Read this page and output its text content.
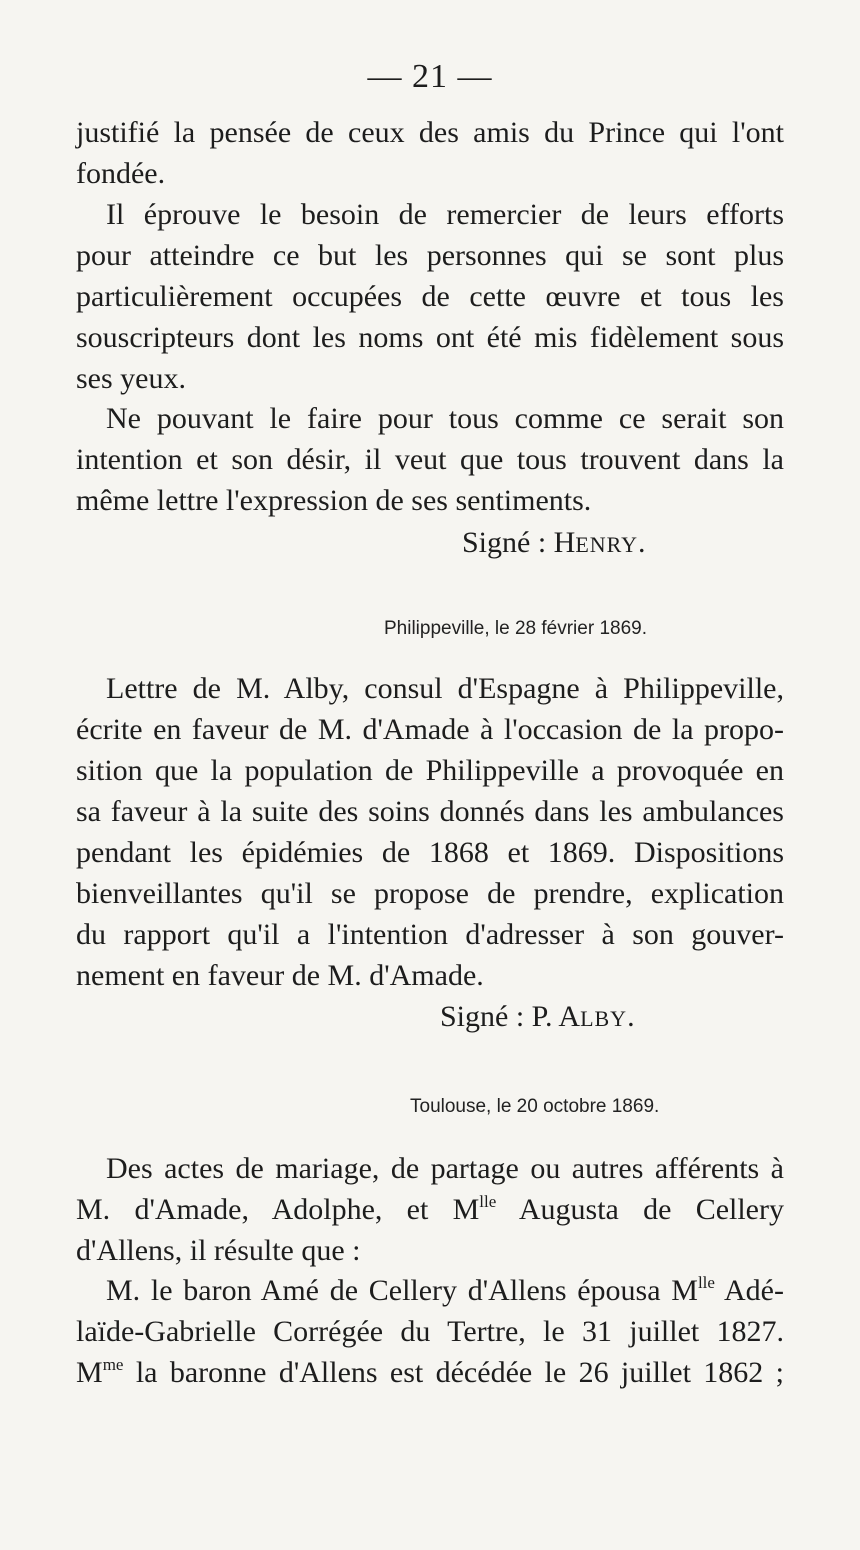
— 21 —
justifié la pensée de ceux des amis du Prince qui l'ont
fondée.
Il éprouve le besoin de remercier de leurs efforts
pour atteindre ce but les personnes qui se sont plus
particulièrement occupées de cette œuvre et tous les
souscripteurs dont les noms ont été mis fidèlement sous
ses yeux.
Ne pouvant le faire pour tous comme ce serait son
intention et son désir, il veut que tous trouvent dans la
même lettre l'expression de ses sentiments.
Signé : HENRY.
Philippeville, le 28 février 1869.
Lettre de M. Alby, consul d'Espagne à Philippeville,
écrite en faveur de M. d'Amade à l'occasion de la propo-
sition que la population de Philippeville a provoquée en
sa faveur à la suite des soins donnés dans les ambulances
pendant les épidémies de 1868 et 1869. Dispositions
bienveillantes qu'il se propose de prendre, explication
du rapport qu'il a l'intention d'adresser à son gouver-
nement en faveur de M. d'Amade.
Signé : P. ALBY.
Toulouse, le 20 octobre 1869.
Des actes de mariage, de partage ou autres afférents à
M. d'Amade, Adolphe, et $M^{lle}$ Augusta de Cellery
d'Allens, il résulte que :
M. le baron Amé de Cellery d'Allens épousa $M^{lle}$ Adé-
laïde-Gabrielle Corrégée du Tertre, le 31 juillet 1827.
$M^{me}$ la baronne d'Allens est décédée le 26 juillet 1862 ;
